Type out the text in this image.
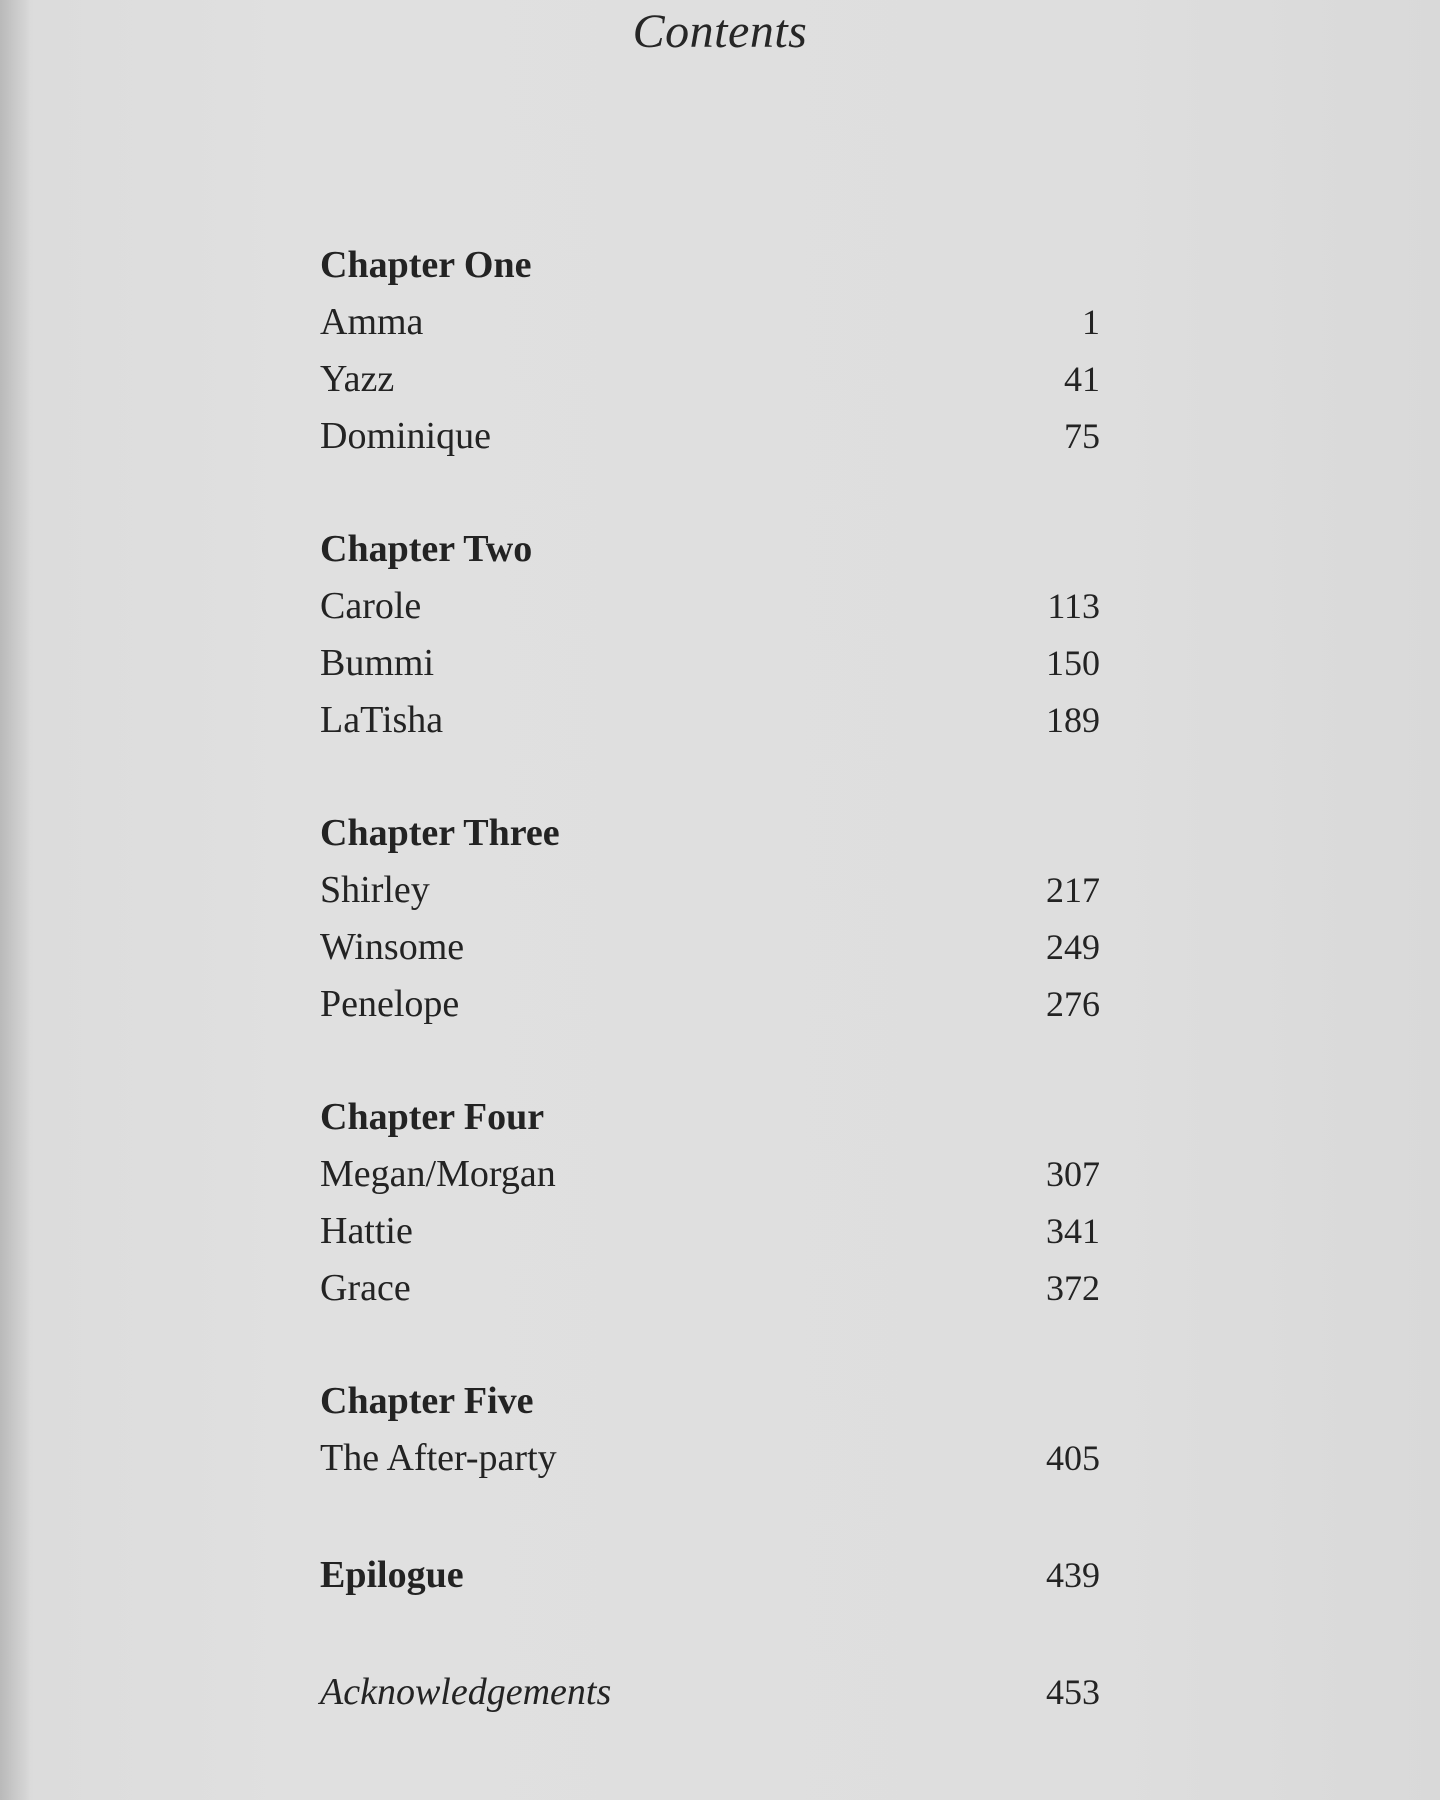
Contents
Chapter One
Amma	1
Yazz	41
Dominique	75
Chapter Two
Carole	113
Bummi	150
LaTisha	189
Chapter Three
Shirley	217
Winsome	249
Penelope	276
Chapter Four
Megan/Morgan	307
Hattie	341
Grace	372
Chapter Five
The After-party	405
Epilogue	439
Acknowledgements	453
